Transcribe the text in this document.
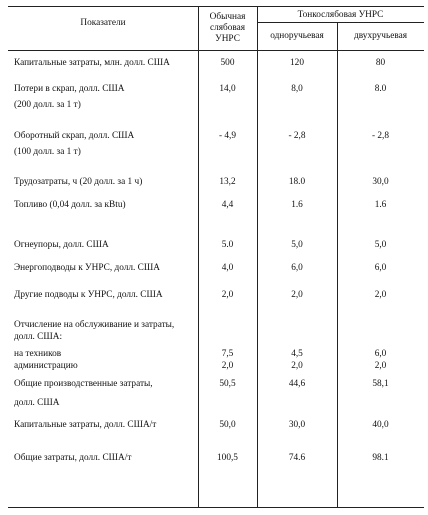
Показатели
Обычная
слябовая
УНРС
Тонкослябовая УНРС
одноручьевая	двухручьевая
Капитальные затраты, млн. долл. США	500	120	80
Потери в скрап, долл. США
(200 долл. за 1 т)
14,0	8,0	8.0
Оборотный скрап, долл. США
(100 долл. за 1 т)
- 4,9	- 2,8	- 2,8
Трудозатраты, ч (20 долл. за 1 ч)	13,2	18.0	30,0
Топливо (0,04 долл. за кBtu)	4,4	1.6	1.6
Огнеупоры, долл. США	5.0	5,0	5,0
Энергоподводы к УНРС, долл. США	4,0	6,0	6,0
Другие подводы к УНРС, долл. США	2,0	2,0	2,0
Отчисление на обслуживание и затраты,
долл. США:
на техников	7,5	4,5	6,0
администрацию	2,0	2,0	2,0
Общие производственные затраты,
долл. США
50,5	44,6	58,1
Капитальные затраты, долл. США/т	50,0	30,0	40,0
Общие затраты, долл. США/т	100,5	74.6	98.1
